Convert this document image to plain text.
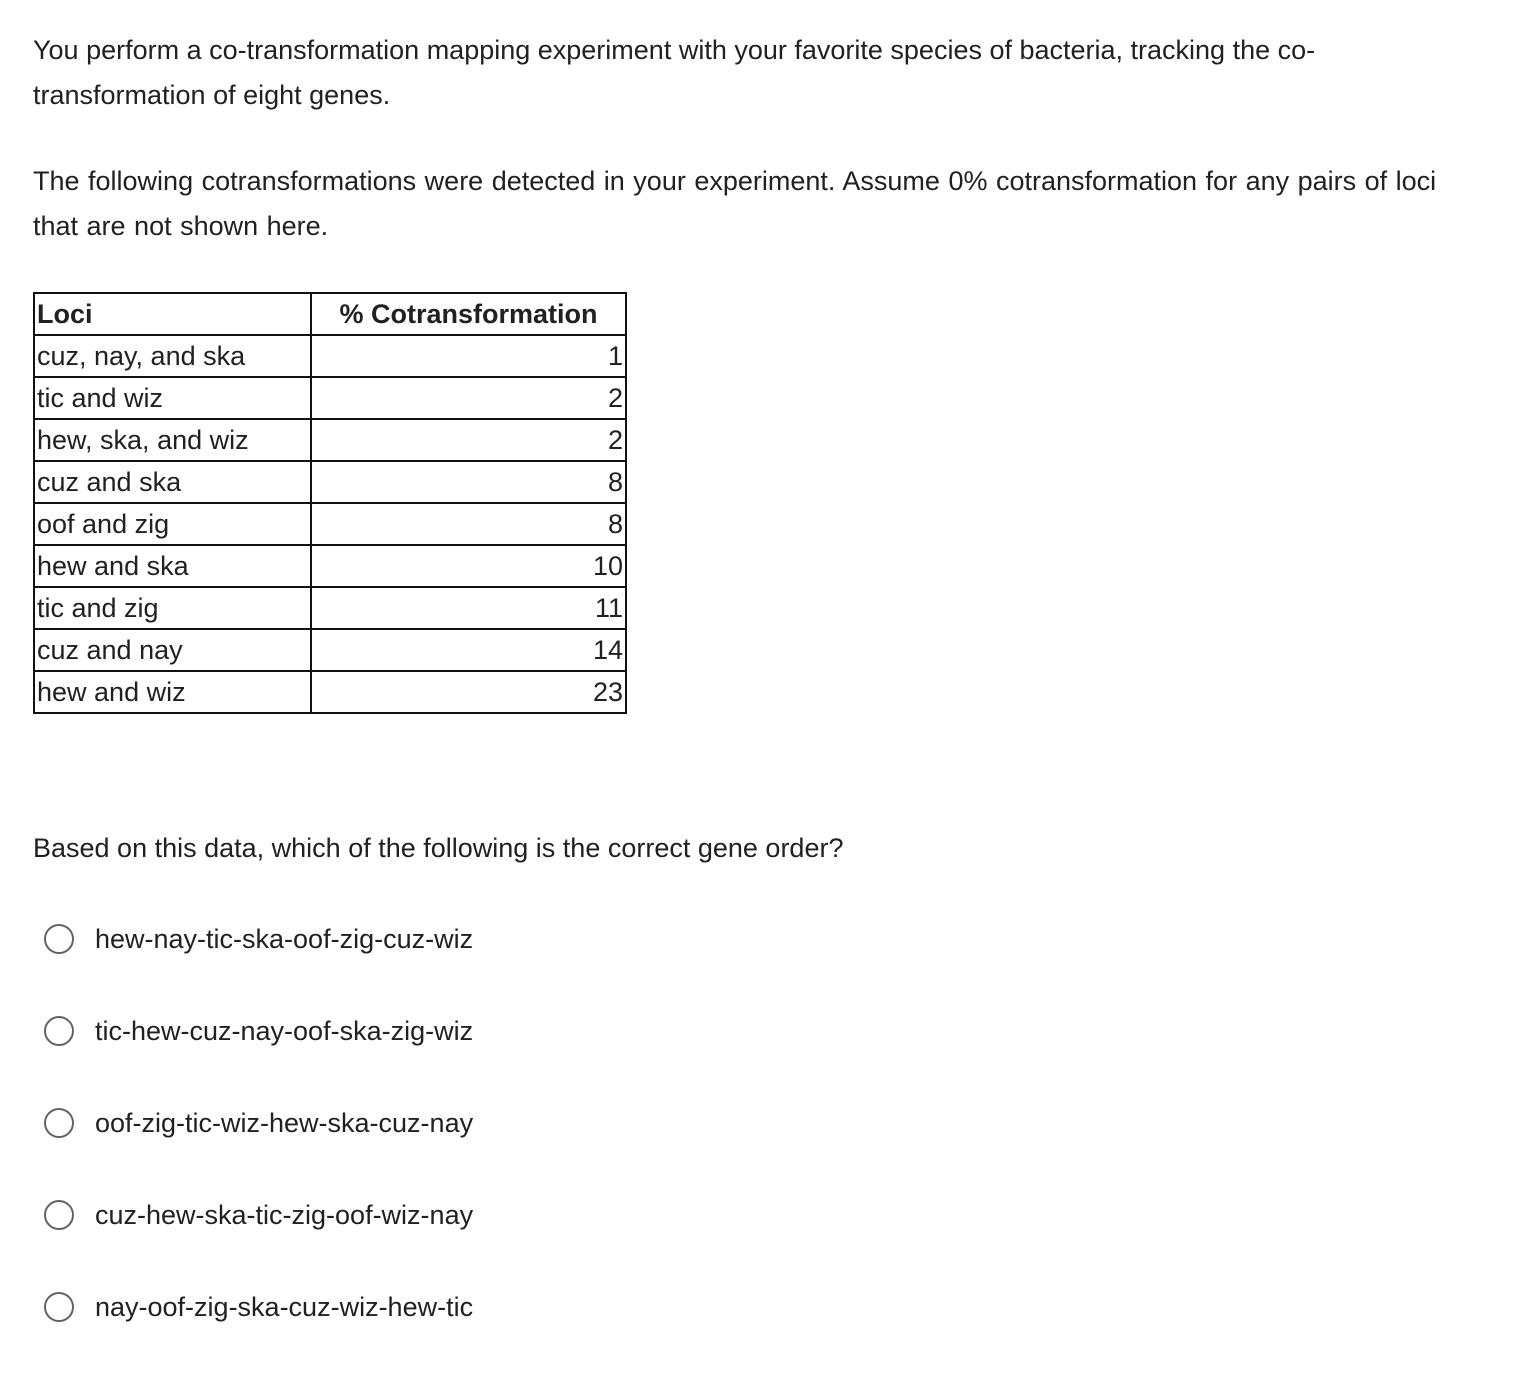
You perform a co-transformation mapping experiment with your favorite species of bacteria, tracking the co-transformation of eight genes.

The following cotransformations were detected in your experiment. Assume 0% cotransformation for any pairs of loci that are not shown here.

Loci	% Cotransformation
cuz, nay, and ska	1
tic and wiz	2
hew, ska, and wiz	2
cuz and ska	8
oof and zig	8
hew and ska	10
tic and zig	11
cuz and nay	14
hew and wiz	23

Based on this data, which of the following is the correct gene order?

hew-nay-tic-ska-oof-zig-cuz-wiz
tic-hew-cuz-nay-oof-ska-zig-wiz
oof-zig-tic-wiz-hew-ska-cuz-nay
cuz-hew-ska-tic-zig-oof-wiz-nay
nay-oof-zig-ska-cuz-wiz-hew-tic
